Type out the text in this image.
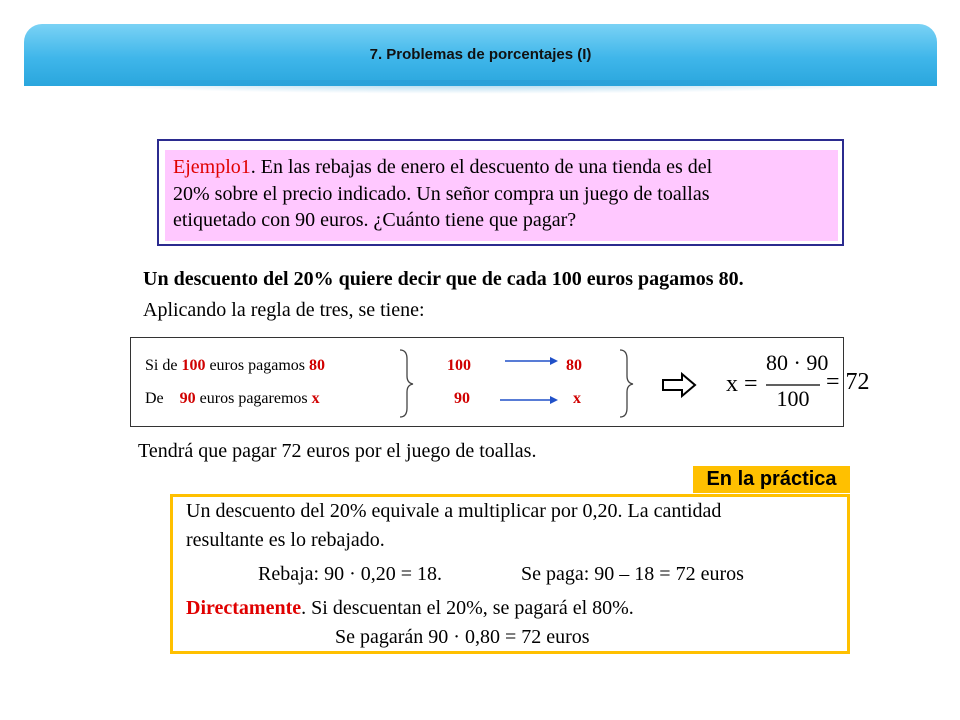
7. Problemas de porcentajes (I)
Ejemplo1. En las rebajas de enero el descuento de una tienda es del
20% sobre el precio indicado. Un señor compra un juego de toallas
etiquetado con 90 euros. ¿Cuánto tiene que pagar?
Un descuento del 20% quiere decir que de cada 100 euros pagamos 80.
Aplicando la regla de tres, se tiene:
Si de 100 euros pagamos 80
De    90 euros pagaremos x
100
90
80
x
x =
80 · 90
100
= 72
Tendrá que pagar 72 euros por el juego de toallas.
En la práctica
Un descuento del 20% equivale a multiplicar por 0,20. La cantidad
resultante es lo rebajado.
Rebaja: 90 · 0,20 = 18.	Se paga: 90 – 18 = 72 euros
Directamente. Si descuentan el 20%, se pagará el 80%.
Se pagarán 90 · 0,80 = 72 euros
